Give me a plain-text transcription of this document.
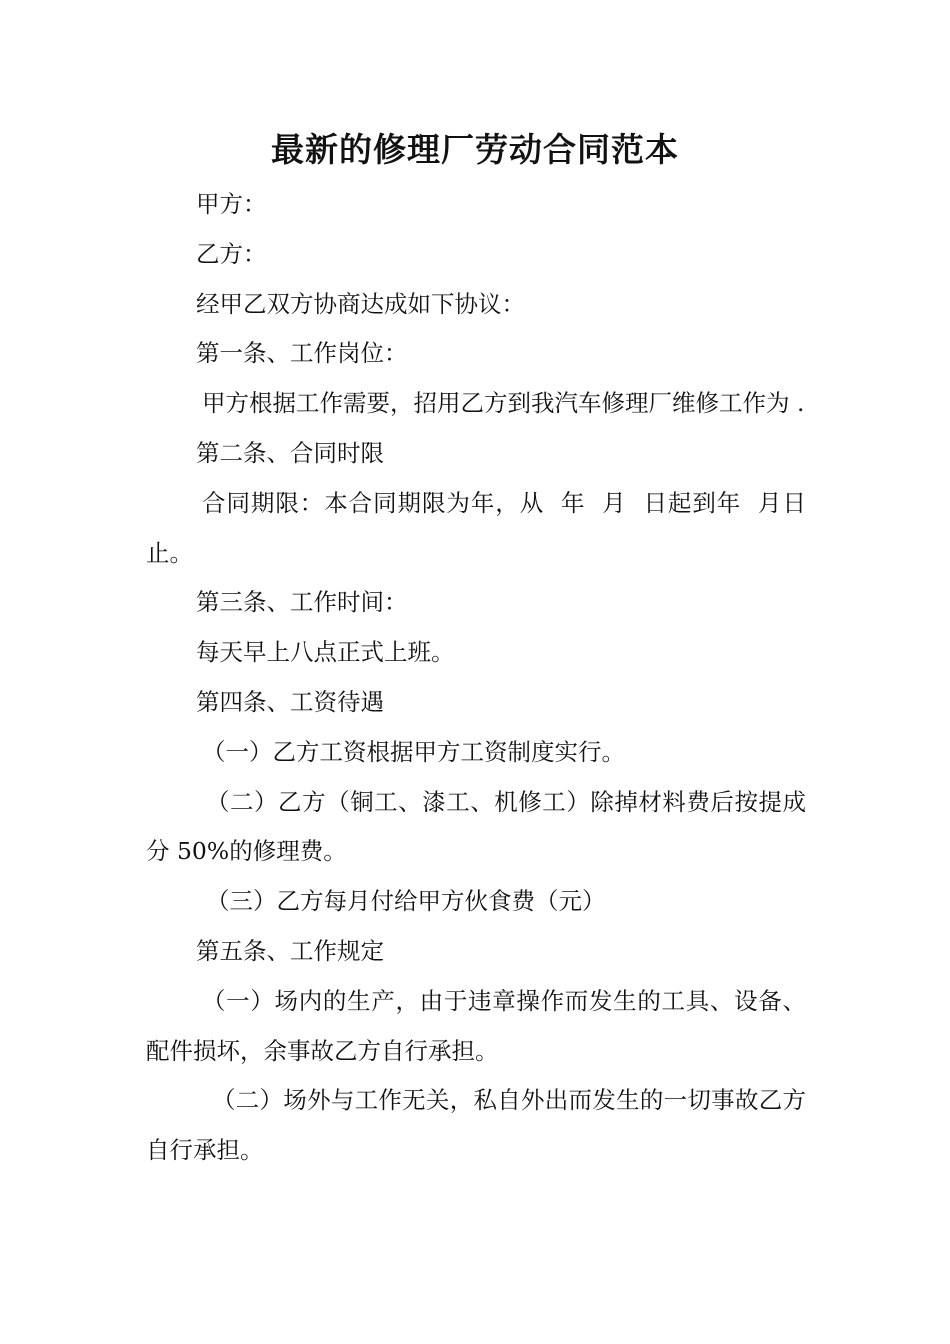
最新的修理厂劳动合同范本

甲方：

乙方：

经甲乙双方协商达成如下协议：

第一条、工作岗位：

甲方根据工作需要，招用乙方到我汽车修理厂维修工作为 .

第二条、合同时限

合同期限：本合同期限为年，从  年  月  日起到年  月日止。

第三条、工作时间：

每天早上八点正式上班。

第四条、工资待遇

（一）乙方工资根据甲方工资制度实行。

（二）乙方（铜工、漆工、机修工）除掉材料费后按提成分 50%的修理费。

（三）乙方每月付给甲方伙食费（元）

第五条、工作规定

（一）场内的生产，由于违章操作而发生的工具、设备、配件损坏，余事故乙方自行承担。

（二）场外与工作无关，私自外出而发生的一切事故乙方自行承担。
